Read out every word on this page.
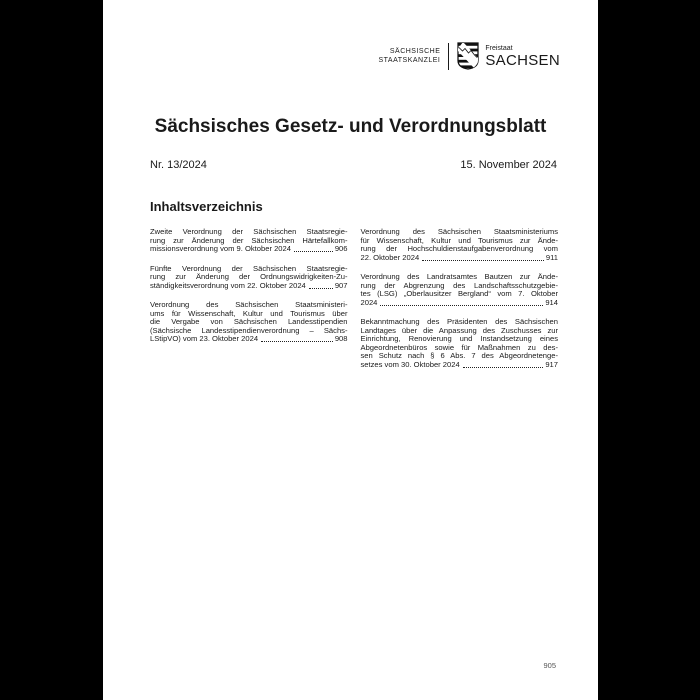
SÄCHSISCHE
STAATSKANZLEI
Freistaat
SACHSEN
Sächsisches Gesetz- und Verordnungsblatt
Nr. 13/2024	15. November 2024
Inhaltsverzeichnis
Zweite Verordnung der Sächsischen Staatsregie-
rung zur Änderung der Sächsischen Härtefallkom-
missionsverordnung vom 9. Oktober 2024	906
Fünfte Verordnung der Sächsischen Staatsregie-
rung zur Änderung der Ordnungswidrigkeiten-Zu-
ständigkeitsverordnung vom 22. Oktober 2024	907
Verordnung des Sächsischen Staatsministeri-
ums für Wissenschaft, Kultur und Tourismus über
die Vergabe von Sächsischen Landesstipendien
(Sächsische Landesstipendienverordnung – Sächs-
LStipVO) vom 23. Oktober 2024	908
Verordnung des Sächsischen Staatsministeriums
für Wissenschaft, Kultur und Tourismus zur Ände-
rung der Hochschuldienstaufgabenverordnung vom
22. Oktober 2024	911
Verordnung des Landratsamtes Bautzen zur Ände-
rung der Abgrenzung des Landschaftsschutzgebie-
tes (LSG) „Oberlausitzer Bergland“ vom 7. Oktober
2024	914
Bekanntmachung des Präsidenten des Sächsischen
Landtages über die Anpassung des Zuschusses zur
Einrichtung, Renovierung und Instandsetzung eines
Abgeordnetenbüros sowie für Maßnahmen zu des-
sen Schutz nach § 6 Abs. 7 des Abgeordnetenge-
setzes vom 30. Oktober 2024	917
905
